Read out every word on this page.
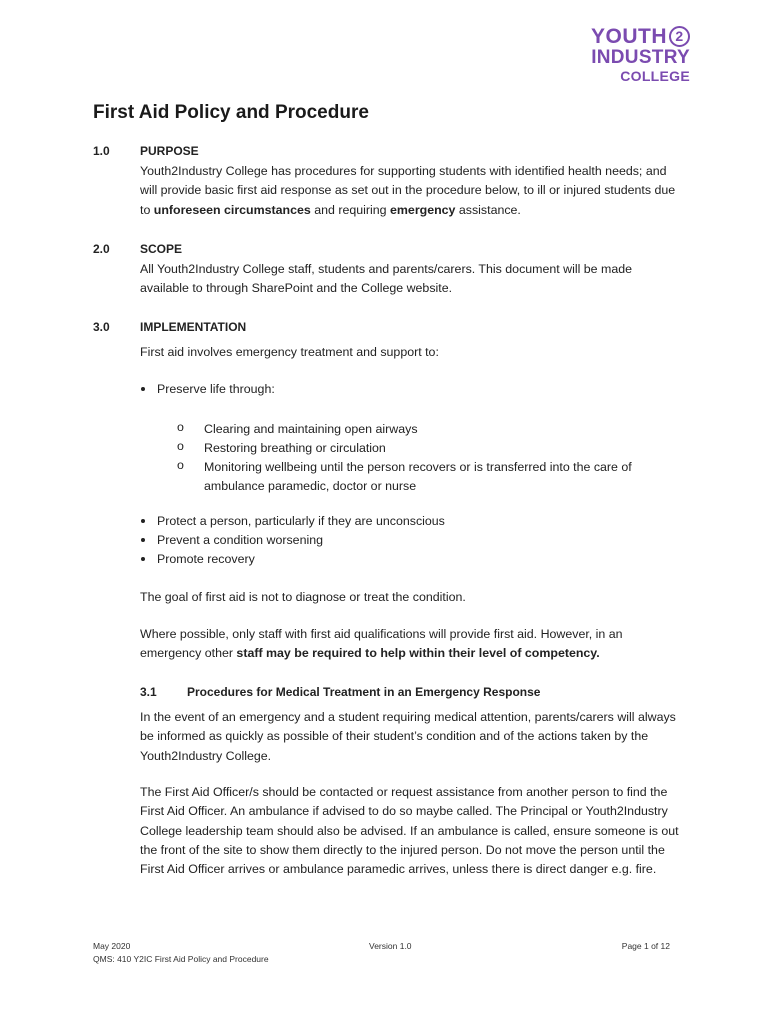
YOUTH 2
INDUSTRY
COLLEGE
First Aid Policy and Procedure
1.0	PURPOSE
Youth2Industry College has procedures for supporting students with identified health needs; and will provide basic first aid response as set out in the procedure below, to ill or injured students due to unforeseen circumstances and requiring emergency assistance.
2.0	SCOPE
All Youth2Industry College staff, students and parents/carers. This document will be made available to through SharePoint and the College website.
3.0	IMPLEMENTATION
First aid involves emergency treatment and support to:
Preserve life through:
o Clearing and maintaining open airways
o Restoring breathing or circulation
o Monitoring wellbeing until the person recovers or is transferred into the care of ambulance paramedic, doctor or nurse
Protect a person, particularly if they are unconscious
Prevent a condition worsening
Promote recovery
The goal of first aid is not to diagnose or treat the condition.
Where possible, only staff with first aid qualifications will provide first aid. However, in an emergency other staff may be required to help within their level of competency.
3.1	Procedures for Medical Treatment in an Emergency Response
In the event of an emergency and a student requiring medical attention, parents/carers will always be informed as quickly as possible of their student’s condition and of the actions taken by the Youth2Industry College.
The First Aid Officer/s should be contacted or request assistance from another person to find the First Aid Officer. An ambulance if advised to do so maybe called. The Principal or Youth2Industry College leadership team should also be advised. If an ambulance is called, ensure someone is out the front of the site to show them directly to the injured person. Do not move the person until the First Aid Officer arrives or ambulance paramedic arrives, unless there is direct danger e.g. fire.
May 2020
QMS: 410 Y2IC First Aid Policy and Procedure
Version 1.0	Page 1 of 12
